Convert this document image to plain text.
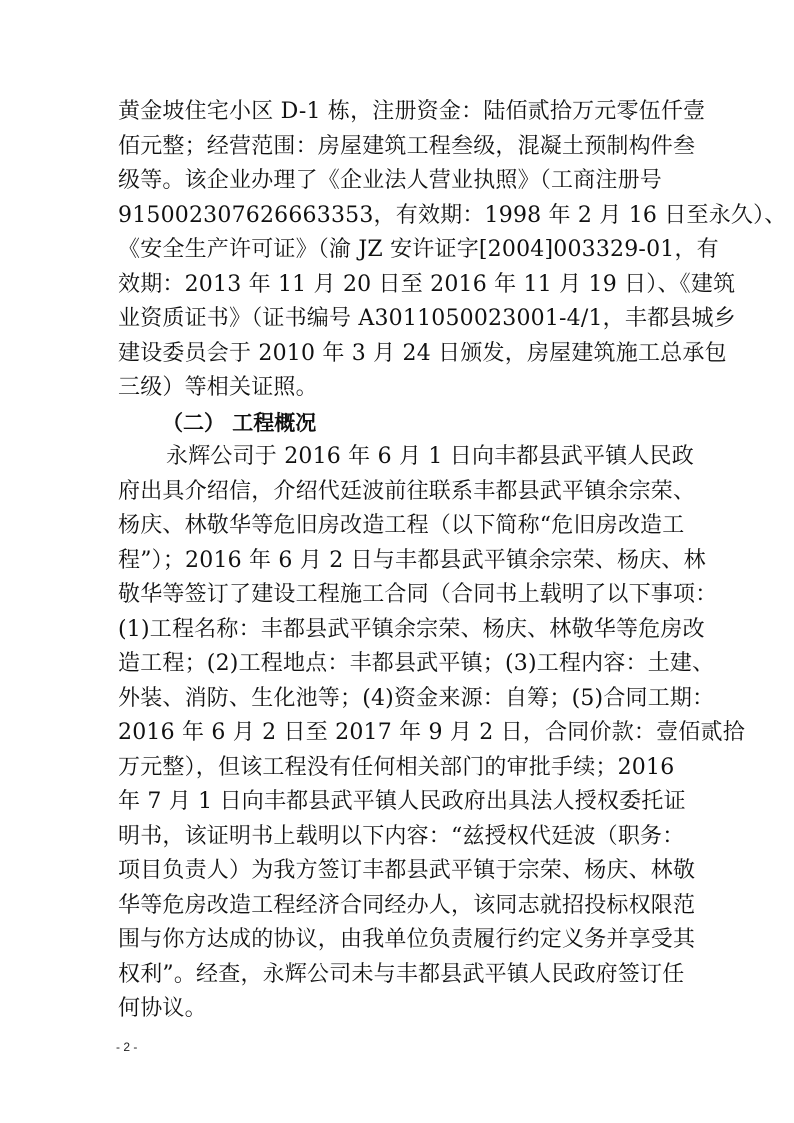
黄金坡住宅小区 D-1 栋，注册资金：陆佰贰拾万元零伍仟壹
佰元整；经营范围：房屋建筑工程叁级，混凝土预制构件叁
级等。该企业办理了《企业法人营业执照》（工商注册号
915002307626663353，有效期：1998 年 2 月 16 日至永久）、
《安全生产许可证》（渝 JZ 安许证字[2004]003329-01，有
效期：2013 年 11 月 20 日至 2016 年 11 月 19 日）、《建筑
业资质证书》（证书编号 A3011050023001-4/1，丰都县城乡
建设委员会于 2010 年 3 月 24 日颁发，房屋建筑施工总承包
三级）等相关证照。
（二） 工程概况
永辉公司于 2016 年 6 月 1 日向丰都县武平镇人民政
府出具介绍信，介绍代廷波前往联系丰都县武平镇余宗荣、
杨庆、林敬华等危旧房改造工程（以下简称“危旧房改造工
程”）；2016 年 6 月 2 日与丰都县武平镇余宗荣、杨庆、林
敬华等签订了建设工程施工合同（合同书上载明了以下事项：
(1)工程名称：丰都县武平镇余宗荣、杨庆、林敬华等危房改
造工程；(2)工程地点：丰都县武平镇；(3)工程内容：土建、
外装、消防、生化池等；(4)资金来源：自筹；(5)合同工期：
2016 年 6 月 2 日至 2017 年 9 月 2 日，合同价款：壹佰贰拾
万元整），但该工程没有任何相关部门的审批手续；2016
年 7 月 1 日向丰都县武平镇人民政府出具法人授权委托证
明书，该证明书上载明以下内容：“兹授权代廷波（职务：
项目负责人）为我方签订丰都县武平镇于宗荣、杨庆、林敬
华等危房改造工程经济合同经办人，该同志就招投标权限范
围与你方达成的协议，由我单位负责履行约定义务并享受其
权利”。经查，永辉公司未与丰都县武平镇人民政府签订任
何协议。
- 2 -
